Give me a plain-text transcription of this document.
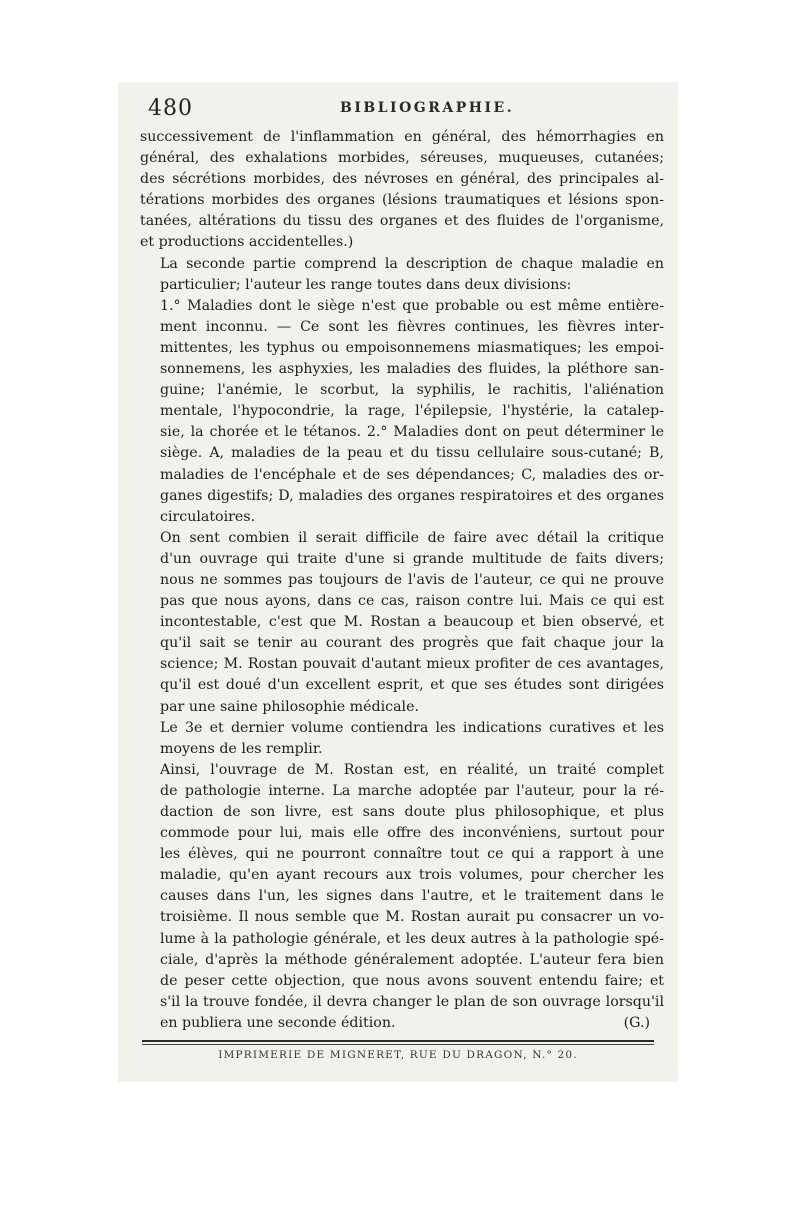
480	BIBLIOGRAPHIE.

successivement de l'inflammation en général, des hémorrhagies en
général, des exhalations morbides, séreuses, muqueuses, cutanées;
des sécrétions morbides, des névroses en général, des principales al-
térations morbides des organes (lésions traumatiques et lésions spon-
tanées, altérations du tissu des organes et des fluides de l'organisme,
et productions accidentelles.)

La seconde partie comprend la description de chaque maladie en
particulier; l'auteur les range toutes dans deux divisions:

1.° Maladies dont le siège n'est que probable ou est même entière-
ment inconnu. — Ce sont les fièvres continues, les fièvres inter-
mittentes, les typhus ou empoisonnemens miasmatiques; les empoi-
sonnemens, les asphyxies, les maladies des fluides, la pléthore san-
guine; l'anémie, le scorbut, la syphilis, le rachitis, l'aliénation
mentale, l'hypocondrie, la rage, l'épilepsie, l'hystérie, la catalep-
sie, la chorée et le tétanos. 2.° Maladies dont on peut déterminer le
siège. A, maladies de la peau et du tissu cellulaire sous-cutané; B,
maladies de l'encéphale et de ses dépendances; C, maladies des or-
ganes digestifs; D, maladies des organes respiratoires et des organes
circulatoires.

On sent combien il serait difficile de faire avec détail la critique
d'un ouvrage qui traite d'une si grande multitude de faits divers;
nous ne sommes pas toujours de l'avis de l'auteur, ce qui ne prouve
pas que nous ayons, dans ce cas, raison contre lui. Mais ce qui est
incontestable, c'est que M. Rostan a beaucoup et bien observé, et
qu'il sait se tenir au courant des progrès que fait chaque jour la
science; M. Rostan pouvait d'autant mieux profiter de ces avantages,
qu'il est doué d'un excellent esprit, et que ses études sont dirigées
par une saine philosophie médicale.

Le 3e et dernier volume contiendra les indications curatives et les
moyens de les remplir.

Ainsi, l'ouvrage de M. Rostan est, en réalité, un traité complet
de pathologie interne. La marche adoptée par l'auteur, pour la ré-
daction de son livre, est sans doute plus philosophique, et plus
commode pour lui, mais elle offre des inconvéniens, surtout pour
les élèves, qui ne pourront connaître tout ce qui a rapport à une
maladie, qu'en ayant recours aux trois volumes, pour chercher les
causes dans l'un, les signes dans l'autre, et le traitement dans le
troisième. Il nous semble que M. Rostan aurait pu consacrer un vo-
lume à la pathologie générale, et les deux autres à la pathologie spé-
ciale, d'après la méthode généralement adoptée. L'auteur fera bien
de peser cette objection, que nous avons souvent entendu faire; et
s'il la trouve fondée, il devra changer le plan de son ouvrage lorsqu'il
en publiera une seconde édition.	(G.)

IMPRIMERIE DE MIGNERET, RUE DU DRAGON, N.° 20.
